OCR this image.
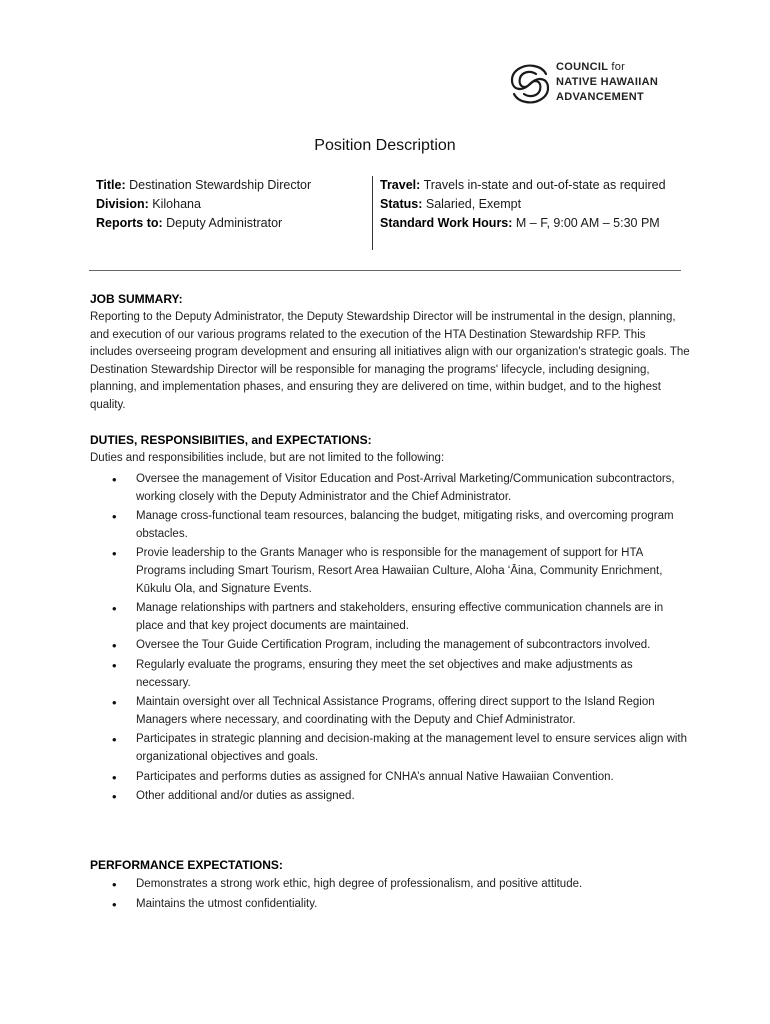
COUNCIL for
NATIVE HAWAIIAN
ADVANCEMENT
Position Description
Title: Destination Stewardship Director
Division: Kilohana
Reports to: Deputy Administrator
Travel: Travels in-state and out-of-state as required
Status: Salaried, Exempt
Standard Work Hours: M – F, 9:00 AM – 5:30 PM
JOB SUMMARY:
Reporting to the Deputy Administrator, the Deputy Stewardship Director will be instrumental in the design, planning, and execution of our various programs related to the execution of the HTA Destination Stewardship RFP. This includes overseeing program development and ensuring all initiatives align with our organization's strategic goals. The Destination Stewardship Director will be responsible for managing the programs' lifecycle, including designing, planning, and implementation phases, and ensuring they are delivered on time, within budget, and to the highest quality.
DUTIES, RESPONSIBIITIES, and EXPECTATIONS:
Duties and responsibilities include, but are not limited to the following:
• Oversee the management of Visitor Education and Post-Arrival Marketing/Communication subcontractors, working closely with the Deputy Administrator and the Chief Administrator.
• Manage cross-functional team resources, balancing the budget, mitigating risks, and overcoming program obstacles.
• Provie leadership to the Grants Manager who is responsible for the management of support for HTA Programs including Smart Tourism, Resort Area Hawaiian Culture, Aloha ʻĀina, Community Enrichment, Kūkulu Ola, and Signature Events.
• Manage relationships with partners and stakeholders, ensuring effective communication channels are in place and that key project documents are maintained.
• Oversee the Tour Guide Certification Program, including the management of subcontractors involved.
• Regularly evaluate the programs, ensuring they meet the set objectives and make adjustments as necessary.
• Maintain oversight over all Technical Assistance Programs, offering direct support to the Island Region Managers where necessary, and coordinating with the Deputy and Chief Administrator.
• Participates in strategic planning and decision-making at the management level to ensure services align with organizational objectives and goals.
• Participates and performs duties as assigned for CNHA’s annual Native Hawaiian Convention.
• Other additional and/or duties as assigned.
PERFORMANCE EXPECTATIONS:
• Demonstrates a strong work ethic, high degree of professionalism, and positive attitude.
• Maintains the utmost confidentiality.
